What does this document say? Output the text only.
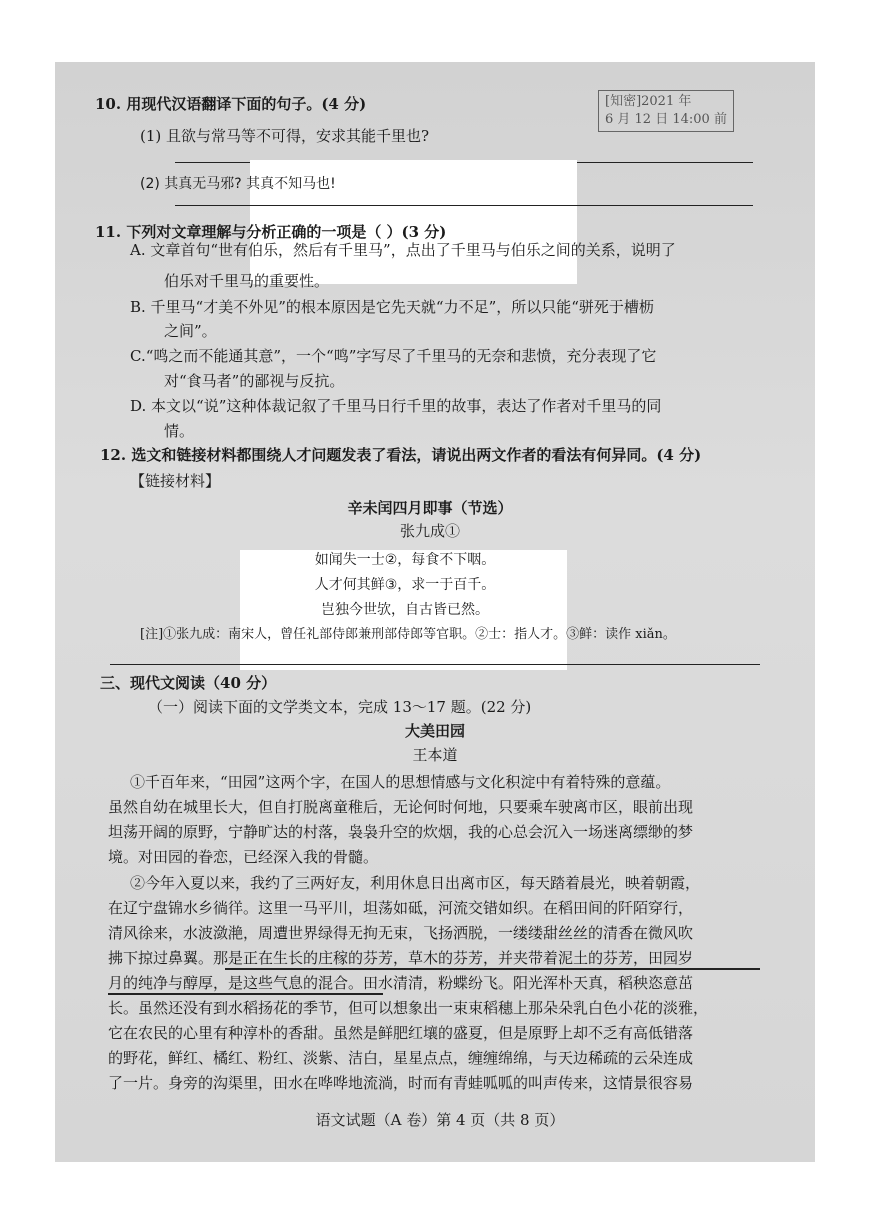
[知密]2021 年
6 月 12 日 14:00 前
10. 用现代汉语翻译下面的句子。(4 分)
(1) 且欲与常马等不可得，安求其能千里也?
(2) 其真无马邪? 其真不知马也!
11. 下列对文章理解与分析正确的一项是（ ）(3 分)
A. 文章首句“世有伯乐，然后有千里马”，点出了千里马与伯乐之间的关系，说明了
伯乐对千里马的重要性。
B. 千里马“才美不外见”的根本原因是它先天就“力不足”，所以只能“骈死于槽枥
之间”。
C.“鸣之而不能通其意”，一个“鸣”字写尽了千里马的无奈和悲愤，充分表现了它
对“食马者”的鄙视与反抗。
D. 本文以“说”这种体裁记叙了千里马日行千里的故事，表达了作者对千里马的同
情。
12. 选文和链接材料都围绕人才问题发表了看法，请说出两文作者的看法有何异同。(4 分)
【链接材料】
辛未闰四月即事（节选）
张九成①
如闻失一士②，每食不下咽。
人才何其鲜③，求一于百千。
岂独今世欤，自古皆已然。
[注]①张九成：南宋人，曾任礼部侍郎兼刑部侍郎等官职。②士：指人才。③鲜：读作 xiǎn。
三、现代文阅读（40 分）
（一）阅读下面的文学类文本，完成 13～17 题。(22 分)
大美田园
王本道
①千百年来，“田园”这两个字，在国人的思想情感与文化积淀中有着特殊的意蕴。
虽然自幼在城里长大，但自打脱离童稚后，无论何时何地，只要乘车驶离市区，眼前出现
坦荡开阔的原野，宁静旷达的村落，袅袅升空的炊烟，我的心总会沉入一场迷离缥缈的梦
境。对田园的眷恋，已经深入我的骨髓。
②今年入夏以来，我约了三两好友，利用休息日出离市区，每天踏着晨光，映着朝霞，
在辽宁盘锦水乡徜徉。这里一马平川，坦荡如砥，河流交错如织。在稻田间的阡陌穿行，
清风徐来，水波潋滟，周遭世界绿得无拘无束，飞扬洒脱，一缕缕甜丝丝的清香在微风吹
拂下掠过鼻翼。那是正在生长的庄稼的芬芳，草木的芬芳，并夹带着泥土的芬芳，田园岁
月的纯净与醇厚，是这些气息的混合。田水清清，粉蝶纷飞。阳光浑朴天真，稻秧恣意茁
长。虽然还没有到水稻扬花的季节，但可以想象出一束束稻穗上那朵朵乳白色小花的淡雅，
它在农民的心里有种淳朴的香甜。虽然是鲜肥红壤的盛夏，但是原野上却不乏有高低错落
的野花，鲜红、橘红、粉红、淡紫、洁白，星星点点，缠缠绵绵，与天边稀疏的云朵连成
了一片。身旁的沟渠里，田水在哗哗地流淌，时而有青蛙呱呱的叫声传来，这情景很容易
语文试题（A 卷）第 4 页（共 8 页）
